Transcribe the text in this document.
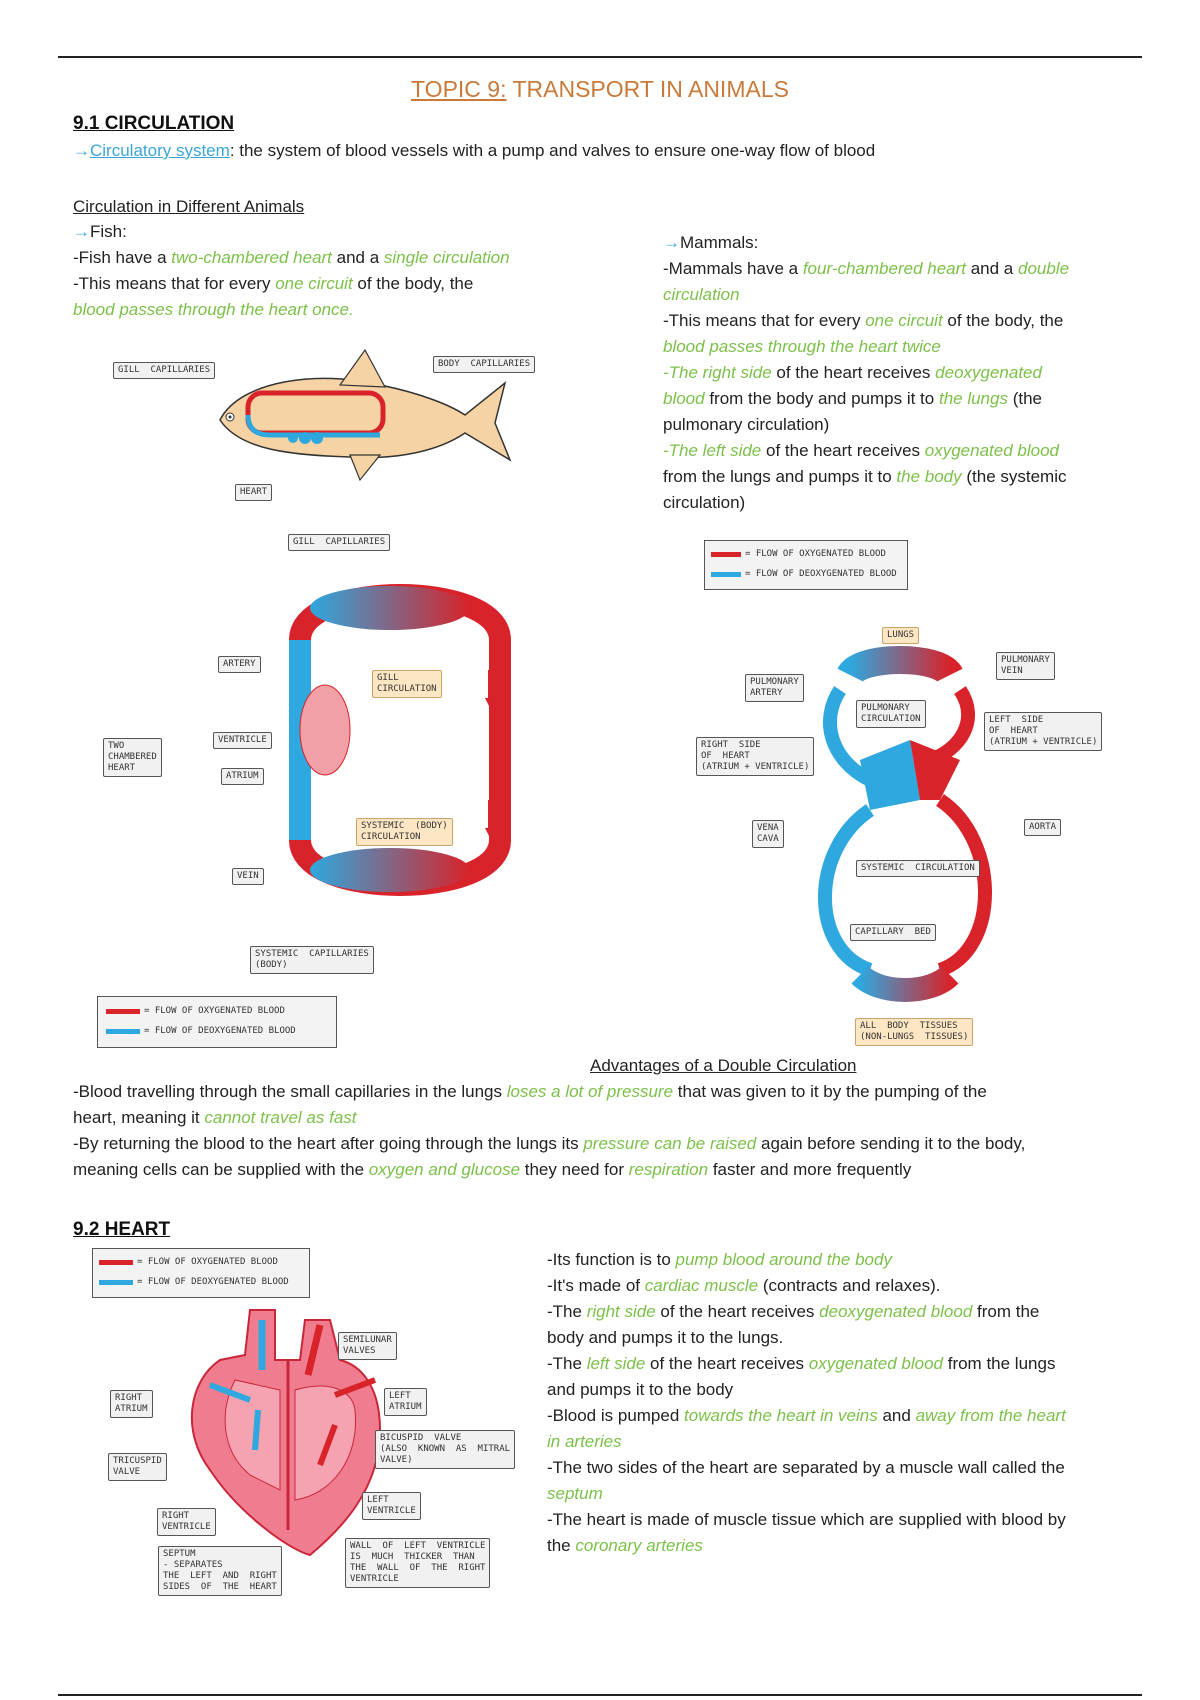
TOPIC 9: TRANSPORT IN ANIMALS
9.1 CIRCULATION
→Circulatory system: the system of blood vessels with a pump and valves to ensure one-way flow of blood
Circulation in Different Animals
→Fish:
-Fish have a two-chambered heart and a single circulation
-This means that for every one circuit of the body, the
blood passes through the heart once.
→Mammals:
-Mammals have a four-chambered heart and a double
circulation
-This means that for every one circuit of the body, the
blood passes through the heart twice
-The right side of the heart receives deoxygenated
blood from the body and pumps it to the lungs (the
pulmonary circulation)
-The left side of the heart receives oxygenated blood
from the lungs and pumps it to the body (the systemic
circulation)
GILL  CAPILLARIES
BODY  CAPILLARIES
HEART
GILL  CAPILLARIES
ARTERY
GILL
CIRCULATION
TWO
CHAMBERED
HEART
VENTRICLE
ATRIUM
SYSTEMIC  (BODY)
CIRCULATION
VEIN
SYSTEMIC  CAPILLARIES
(BODY)
= FLOW OF OXYGENATED BLOOD
= FLOW OF DEOXYGENATED BLOOD
= FLOW OF OXYGENATED BLOOD
= FLOW OF DEOXYGENATED BLOOD
LUNGS
PULMONARY
ARTERY
PULMONARY
VEIN
PULMONARY
CIRCULATION
RIGHT  SIDE
OF  HEART
(ATRIUM + VENTRICLE)
LEFT  SIDE
OF  HEART
(ATRIUM + VENTRICLE)
VENA
CAVA
AORTA
SYSTEMIC  CIRCULATION
CAPILLARY  BED
ALL  BODY  TISSUES
(NON-LUNGS  TISSUES)
Advantages of a Double Circulation
-Blood travelling through the small capillaries in the lungs loses a lot of pressure that was given to it by the pumping of the
heart, meaning it cannot travel as fast
-By returning the blood to the heart after going through the lungs its pressure can be raised again before sending it to the body,
meaning cells can be supplied with the oxygen and glucose they need for respiration faster and more frequently
9.2 HEART
= FLOW OF OXYGENATED BLOOD
= FLOW OF DEOXYGENATED BLOOD
SEMILUNAR
VALVES
RIGHT
ATRIUM
LEFT
ATRIUM
BICUSPID  VALVE
(ALSO  KNOWN  AS  MITRAL
VALVE)
TRICUSPID
VALVE
LEFT
VENTRICLE
RIGHT
VENTRICLE
SEPTUM
- SEPARATES
THE  LEFT  AND  RIGHT
SIDES  OF  THE  HEART
WALL  OF  LEFT  VENTRICLE
IS  MUCH  THICKER  THAN
THE  WALL  OF  THE  RIGHT
VENTRICLE
-Its function is to pump blood around the body
-It's made of cardiac muscle (contracts and relaxes).
-The right side of the heart receives deoxygenated blood from the
body and pumps it to the lungs.
-The left side of the heart receives oxygenated blood from the lungs
and pumps it to the body
-Blood is pumped towards the heart in veins and away from the heart
in arteries
-The two sides of the heart are separated by a muscle wall called the
septum
-The heart is made of muscle tissue which are supplied with blood by
the coronary arteries
